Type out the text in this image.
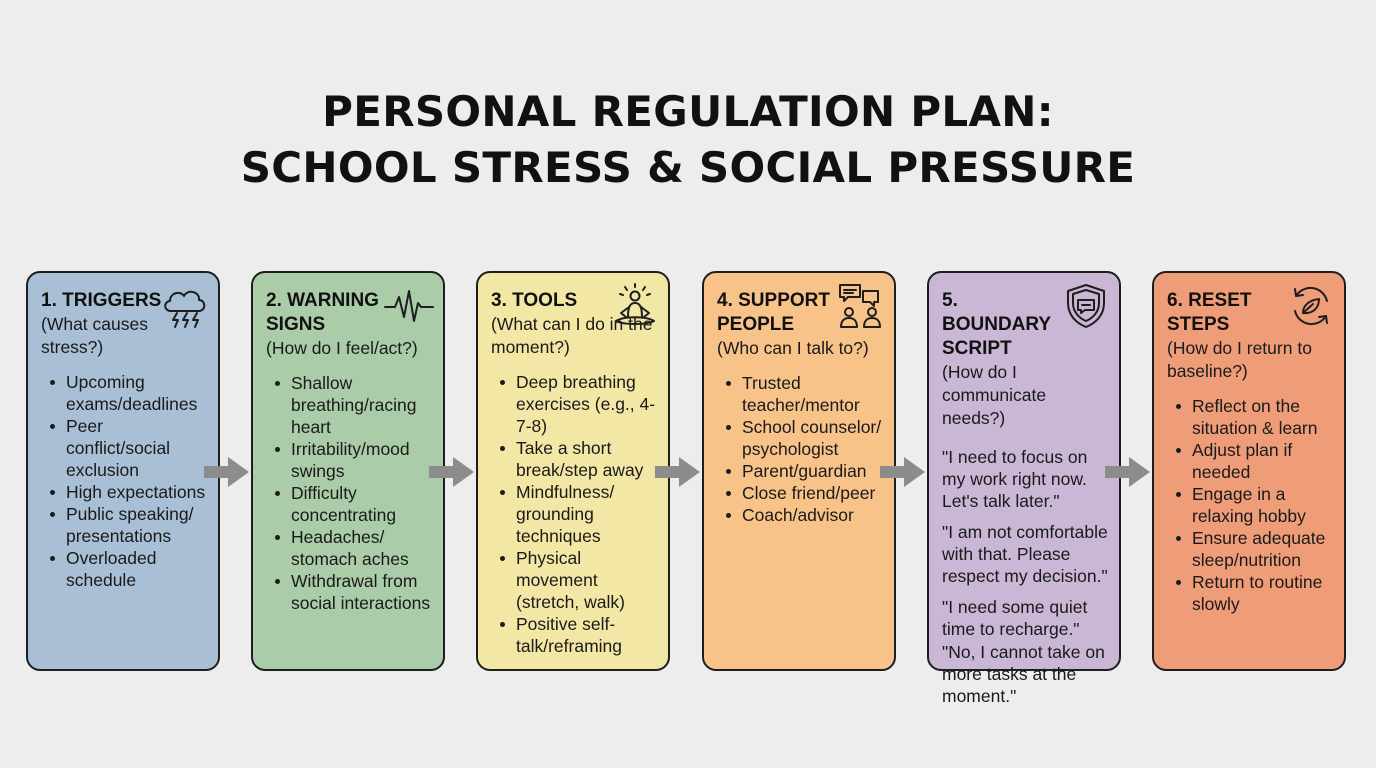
PERSONAL REGULATION PLAN:
SCHOOL STRESS & SOCIAL PRESSURE
1. TRIGGERS
(What causes stress?)
Upcoming exams/deadlines
Peer conflict/social exclusion
High expectations
Public speaking/ presentations
Overloaded schedule
2. WARNING SIGNS
(How do I feel/act?)
Shallow breathing/racing heart
Irritability/mood swings
Difficulty concentrating
Headaches/ stomach aches
Withdrawal from social interactions
3. TOOLS
(What can I do in the moment?)
Deep breathing exercises (e.g., 4-7-8)
Take a short break/step away
Mindfulness/ grounding techniques
Physical movement (stretch, walk)
Positive self-talk/reframing
4. SUPPORT PEOPLE
(Who can I talk to?)
Trusted teacher/mentor
School counselor/ psychologist
Parent/guardian
Close friend/peer
Coach/advisor
5. BOUNDARY SCRIPT
(How do I communicate needs?)

"I need to focus on my work right now. Let's talk later."

"I am not comfortable with that. Please respect my decision."

"I need some quiet time to recharge."

"No, I cannot take on more tasks at the moment."

6. RESET STEPS
(How do I return to baseline?)
Reflect on the situation & learn
Adjust plan if needed
Engage in a relaxing hobby
Ensure adequate sleep/nutrition
Return to routine slowly
